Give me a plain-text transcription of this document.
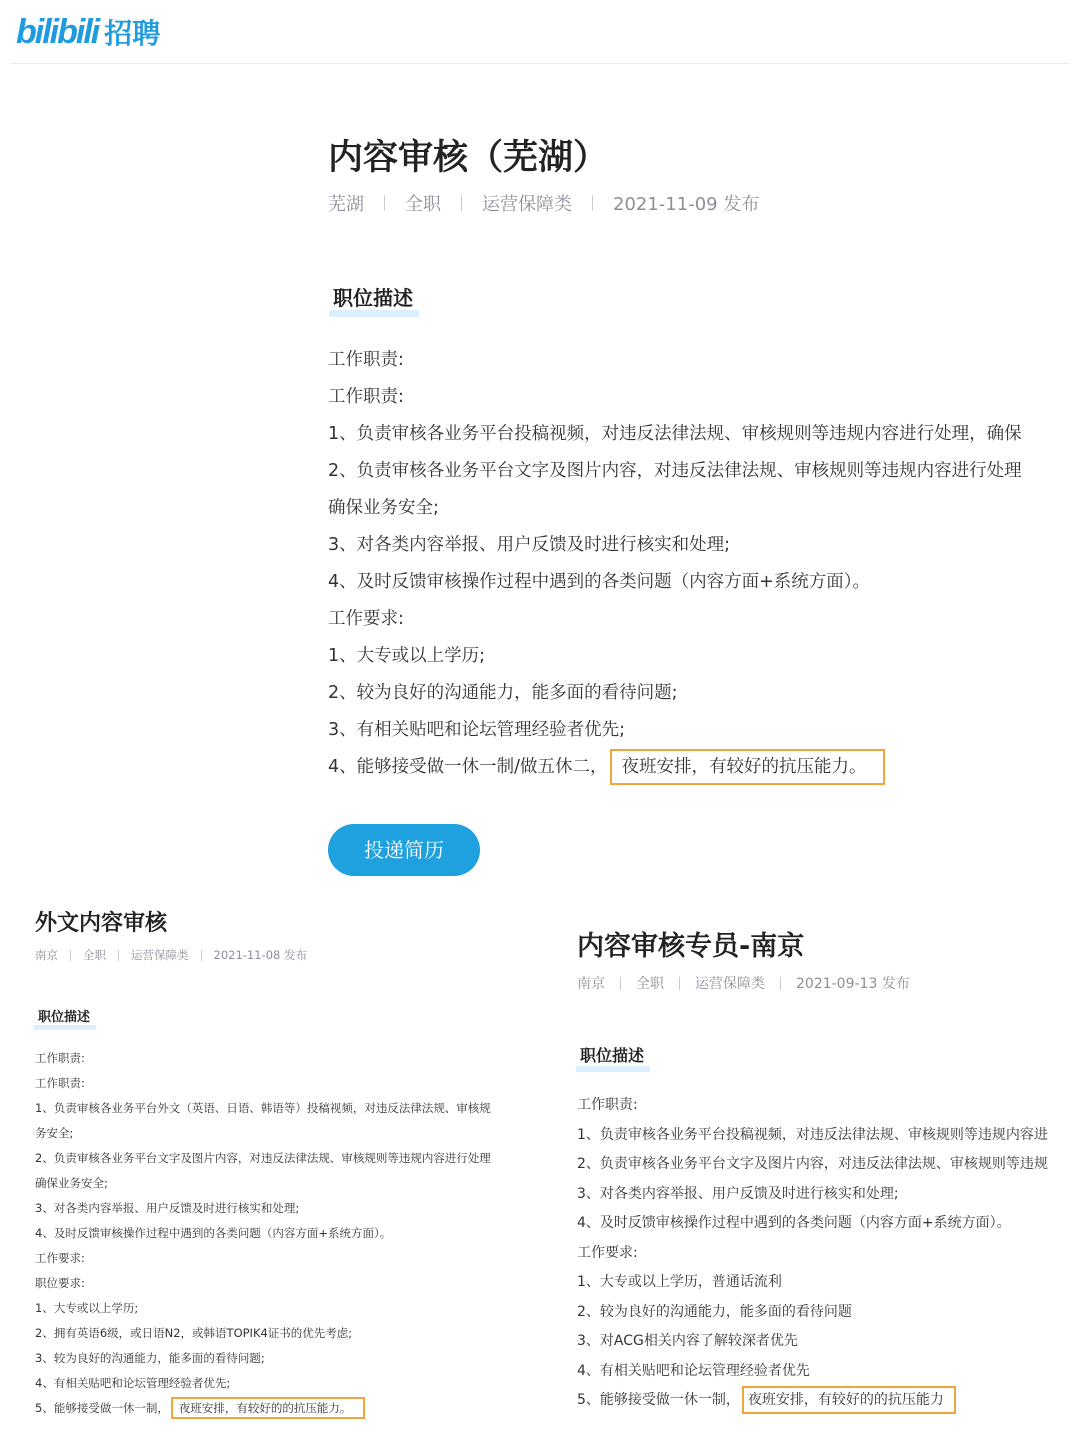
bilibili 招聘
内容审核（芜湖）
芜湖 全职 运营保障类 2021-11-09 发布
职位描述
工作职责:
工作职责:
1、负责审核各业务平台投稿视频，对违反法律法规、审核规则等违规内容进行处理，确保
2、负责审核各业务平台文字及图片内容，对违反法律法规、审核规则等违规内容进行处理
确保业务安全;
3、对各类内容举报、用户反馈及时进行核实和处理;
4、及时反馈审核操作过程中遇到的各类问题（内容方面+系统方面）。
工作要求:
1、大专或以上学历;
2、较为良好的沟通能力，能多面的看待问题;
3、有相关贴吧和论坛管理经验者优先;
4、能够接受做一休一制/做五休二， 夜班安排，有较好的抗压能力。
投递简历
外文内容审核
南京 全职 运营保障类 2021-11-08 发布
职位描述
工作职责:
工作职责:
1、负责审核各业务平台外文（英语、日语、韩语等）投稿视频，对违反法律法规、审核规
务安全;
2、负责审核各业务平台文字及图片内容，对违反法律法规、审核规则等违规内容进行处理
确保业务安全;
3、对各类内容举报、用户反馈及时进行核实和处理;
4、及时反馈审核操作过程中遇到的各类问题（内容方面+系统方面）。
工作要求:
职位要求:
1、大专或以上学历;
2、拥有英语6级，或日语N2，或韩语TOPIK4证书的优先考虑;
3、较为良好的沟通能力，能多面的看待问题;
4、有相关贴吧和论坛管理经验者优先;
5、能够接受做一休一制， 夜班安排，有较好的的抗压能力。
内容审核专员-南京
南京 全职 运营保障类 2021-09-13 发布
职位描述
工作职责:
1、负责审核各业务平台投稿视频，对违反法律法规、审核规则等违规内容进
2、负责审核各业务平台文字及图片内容，对违反法律法规、审核规则等违规
3、对各类内容举报、用户反馈及时进行核实和处理;
4、及时反馈审核操作过程中遇到的各类问题（内容方面+系统方面）。
工作要求:
1、大专或以上学历，普通话流利
2、较为良好的沟通能力，能多面的看待问题
3、对ACG相关内容了解较深者优先
4、有相关贴吧和论坛管理经验者优先
5、能够接受做一休一制， 夜班安排，有较好的的抗压能力
